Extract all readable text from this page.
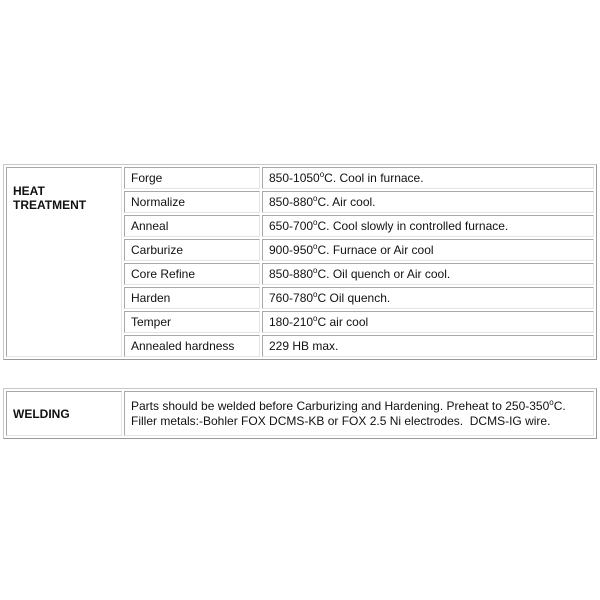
HEAT
TREATMENT	Forge	850-1050$^o$C. Cool in furnace.
	Normalize	850-880$^o$C. Air cool.
	Anneal	650-700$^o$C. Cool slowly in controlled furnace.
	Carburize	900-950$^o$C. Furnace or Air cool
	Core Refine	850-880$^o$C. Oil quench or Air cool.
	Harden	760-780$^o$C Oil quench.
	Temper	180-210$^o$C air cool
	Annealed hardness	229 HB max.
WELDING	Parts should be welded before Carburizing and Hardening. Preheat to 250-350$^o$C.
Filler metals:-Bohler FOX DCMS-KB or FOX 2.5 Ni electrodes.  DCMS-IG wire.
